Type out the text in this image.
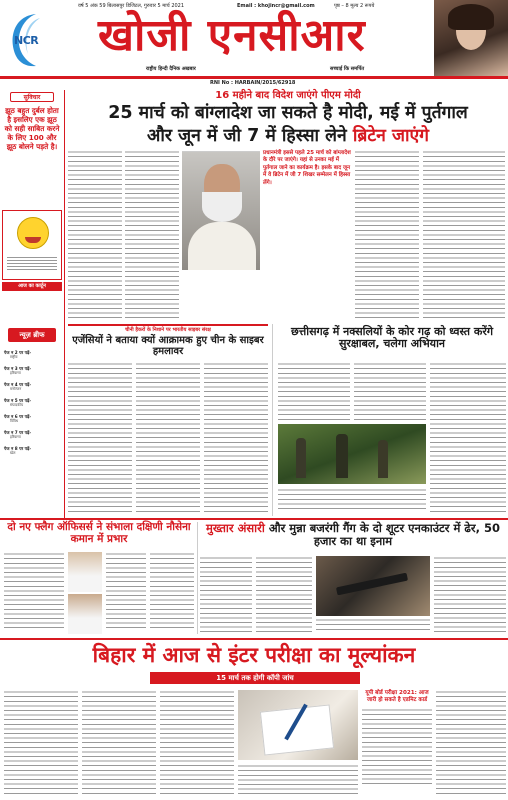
वर्ष 5 अंक 59 बिलासपुर डिजिटल, गुरुवार 5 मार्च 2021	Email : khojincr@gmail.com	पृष्ठ – 8 मूल्य 2 रूपये
NCR खोजी एनसीआर
राष्ट्रीय हिन्दी दैनिक अखबार	सच्चाई कि समर्पित
RNI No : HARBAIN/2015/62918
सुविचार
झूठ बहुत दुर्बल होता है इसलिए एक झूठ को सही साबित करने के लिए 100 और झूठ बोलने पड़ते है।
आज का कार्टून
न्यूज़ ब्रीफ
पेज न 2 पर पढ़ें-
राष्ट्रीय
पेज न 3 पर पढ़ें-
हरियाणा
पेज न 4 पर पढ़ें-
मनोरंजन
पेज न 5 पर पढ़ें-
संपादकीय
पेज न 6 पर पढ़ें-
विविध
पेज न 7 पर पढ़ें-
हरियाणा
पेज न 8 पर पढ़ें-
खेल
16 महीने बाद विदेश जाएंगे पीएम मोदी
25 मार्च को बांग्लादेश जा सकते है मोदी, मई में पुर्तगाल
और जून में जी 7 में हिस्सा लेने ब्रिटेन जाएंगे
प्रधानमंत्री इससे पहले 25 मार्च को बांग्लादेश के दौरे पर जाएंगे। यहां से उनका मई में पुर्तगाल जाने का कार्यक्रम है। इसके बाद जून में वे ब्रिटेन में जी 7 शिखर सम्मेलन में हिस्सा लेंगे।
चीनी हैकरों के निशाने पर भारतीय साइबर संरक्ष
एजेंसियों ने बताया क्यों आक्रामक हुए चीन के साइबर हमलावर
छत्तीसगढ़ में नक्सलियों के कोर गढ़ को ध्वस्त करेंगे सुरक्षाबल, चलेगा अभियान
दो नए फ्लैग ऑफिसर्स ने संभाला दक्षिणी नौसेना कमान में प्रभार
मुख्तार अंसारी और मुन्ना बजरंगी गैंग के दो शूटर एनकाउंटर में ढेर, 50 हजार का था इनाम
बिहार में आज से इंटर परीक्षा का मूल्यांकन
15 मार्च तक होगी कॉपी जांच
यूपी बोर्ड परीक्षा 2021: आज जारी हो सकते है एडमिट कार्ड
